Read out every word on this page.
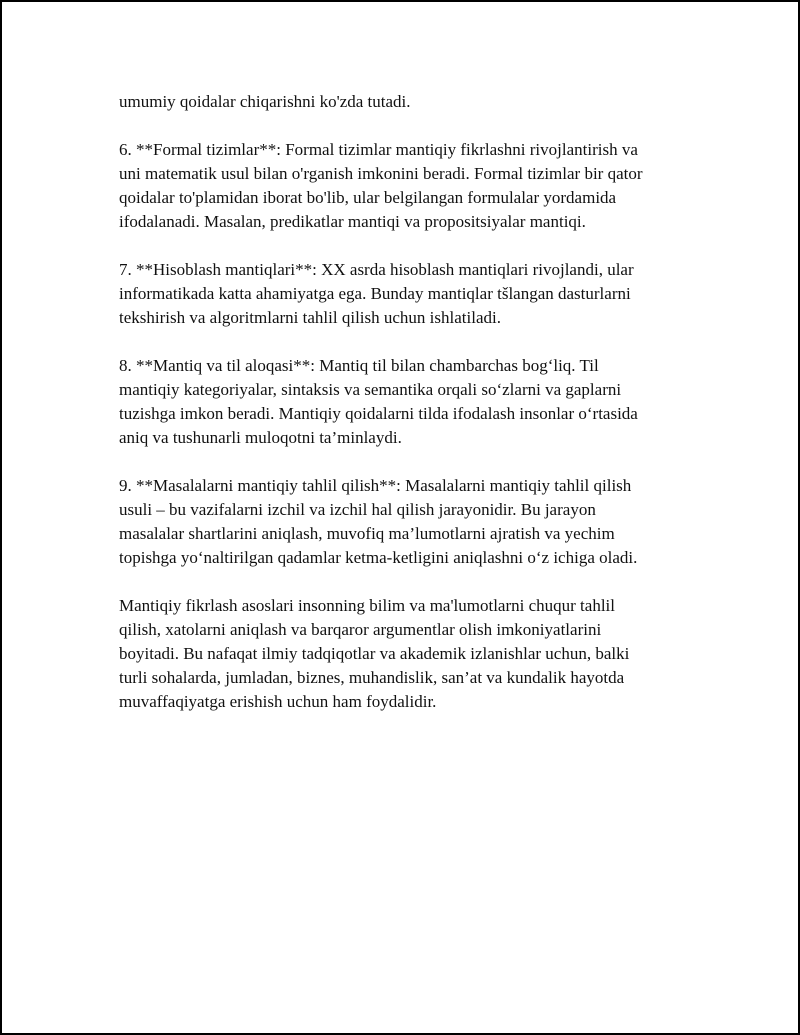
umumiy qoidalar chiqarishni ko'zda tutadi.

6. **Formal tizimlar**: Formal tizimlar mantiqiy fikrlashni rivojlantirish va
uni matematik usul bilan o'rganish imkonini beradi. Formal tizimlar bir qator
qoidalar to'plamidan iborat bo'lib, ular belgilangan formulalar yordamida
ifodalanadi. Masalan, predikatlar mantiqi va propositsiyalar mantiqi.

7. **Hisoblash mantiqlari**: XX asrda hisoblash mantiqlari rivojlandi, ular
informatikada katta ahamiyatga ega. Bunday mantiqlar tšlangan dasturlarni
tekshirish va algoritmlarni tahlil qilish uchun ishlatiladi.

8. **Mantiq va til aloqasi**: Mantiq til bilan chambarchas bog‘liq. Til
mantiqiy kategoriyalar, sintaksis va semantika orqali so‘zlarni va gaplarni
tuzishga imkon beradi. Mantiqiy qoidalarni tilda ifodalash insonlar o‘rtasida
aniq va tushunarli muloqotni ta’minlaydi.

9. **Masalalarni mantiqiy tahlil qilish**: Masalalarni mantiqiy tahlil qilish
usuli – bu vazifalarni izchil va izchil hal qilish jarayonidir. Bu jarayon
masalalar shartlarini aniqlash, muvofiq ma’lumotlarni ajratish va yechim
topishga yo‘naltirilgan qadamlar ketma-ketligini aniqlashni o‘z ichiga oladi.

Mantiqiy fikrlash asoslari insonning bilim va ma'lumotlarni chuqur tahlil
qilish, xatolarni aniqlash va barqaror argumentlar olish imkoniyatlarini
boyitadi. Bu nafaqat ilmiy tadqiqotlar va akademik izlanishlar uchun, balki
turli sohalarda, jumladan, biznes, muhandislik, san’at va kundalik hayotda
muvaffaqiyatga erishish uchun ham foydalidir.
